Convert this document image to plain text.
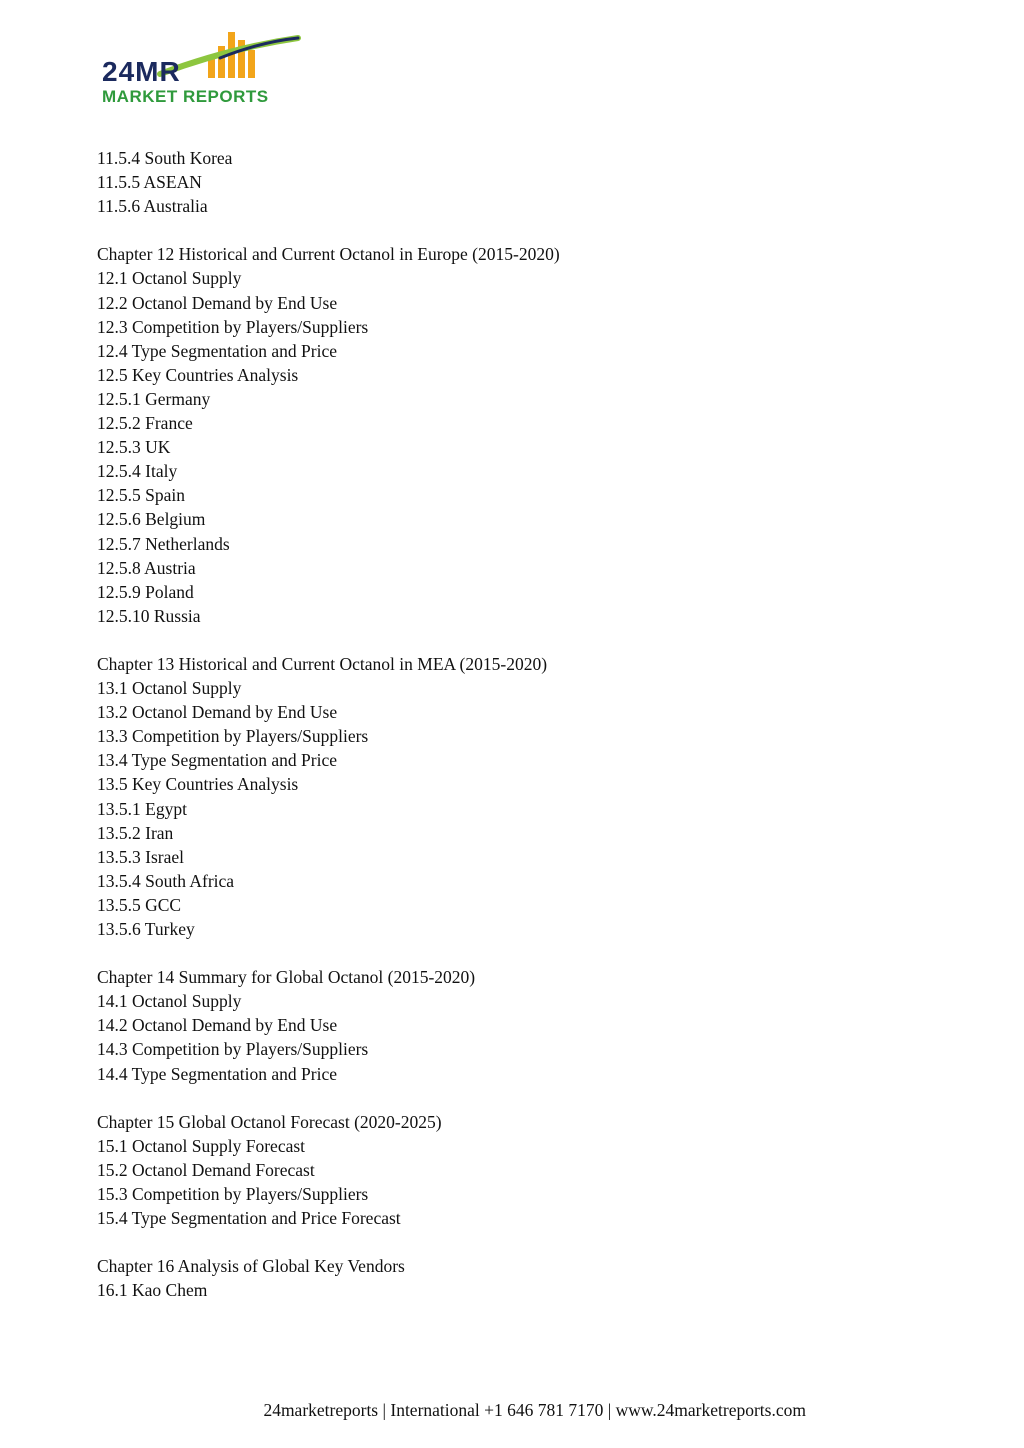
24MR
MARKET REPORTS
11.5.4 South Korea
11.5.5 ASEAN
11.5.6 Australia
Chapter 12 Historical and Current Octanol in Europe (2015-2020)
12.1 Octanol Supply
12.2 Octanol Demand by End Use
12.3 Competition by Players/Suppliers
12.4 Type Segmentation and Price
12.5 Key Countries Analysis
12.5.1 Germany
12.5.2 France
12.5.3 UK
12.5.4 Italy
12.5.5 Spain
12.5.6 Belgium
12.5.7 Netherlands
12.5.8 Austria
12.5.9 Poland
12.5.10 Russia
Chapter 13 Historical and Current Octanol in MEA (2015-2020)
13.1 Octanol Supply
13.2 Octanol Demand by End Use
13.3 Competition by Players/Suppliers
13.4 Type Segmentation and Price
13.5 Key Countries Analysis
13.5.1 Egypt
13.5.2 Iran
13.5.3 Israel
13.5.4 South Africa
13.5.5 GCC
13.5.6 Turkey
Chapter 14 Summary for Global Octanol (2015-2020)
14.1 Octanol Supply
14.2 Octanol Demand by End Use
14.3 Competition by Players/Suppliers
14.4 Type Segmentation and Price
Chapter 15 Global Octanol Forecast (2020-2025)
15.1 Octanol Supply Forecast
15.2 Octanol Demand Forecast
15.3 Competition by Players/Suppliers
15.4 Type Segmentation and Price Forecast
Chapter 16 Analysis of Global Key Vendors
16.1 Kao Chem
24marketreports | International +1 646 781 7170 | www.24marketreports.com
